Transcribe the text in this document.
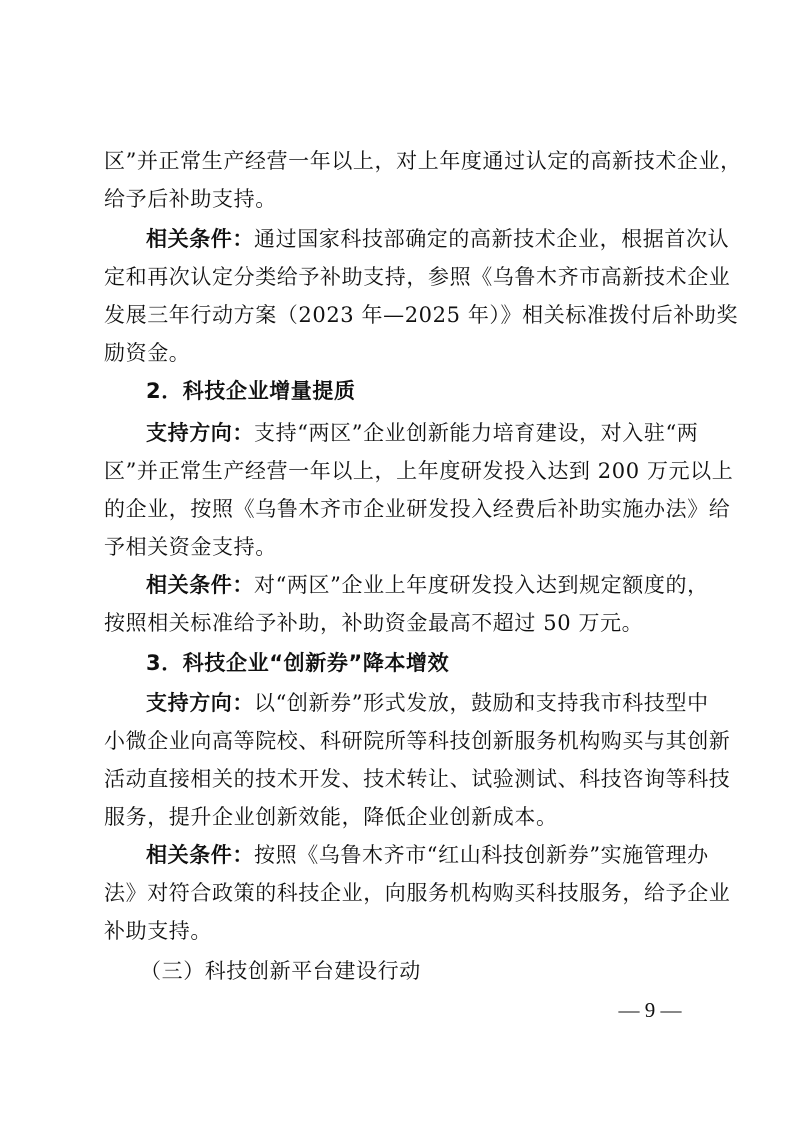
区”并正常生产经营一年以上，对上年度通过认定的高新技术企业，
给予后补助支持。
相关条件：通过国家科技部确定的高新技术企业，根据首次认
定和再次认定分类给予补助支持，参照《乌鲁木齐市高新技术企业
发展三年行动方案（2023 年—2025 年）》相关标准拨付后补助奖
励资金。
2．科技企业增量提质
支持方向：支持“两区”企业创新能力培育建设，对入驻“两
区”并正常生产经营一年以上，上年度研发投入达到 200 万元以上
的企业，按照《乌鲁木齐市企业研发投入经费后补助实施办法》给
予相关资金支持。
相关条件：对“两区”企业上年度研发投入达到规定额度的，
按照相关标准给予补助，补助资金最高不超过 50 万元。
3．科技企业“创新券”降本增效
支持方向：以“创新券”形式发放，鼓励和支持我市科技型中
小微企业向高等院校、科研院所等科技创新服务机构购买与其创新
活动直接相关的技术开发、技术转让、试验测试、科技咨询等科技
服务，提升企业创新效能，降低企业创新成本。
相关条件：按照《乌鲁木齐市“红山科技创新券”实施管理办
法》对符合政策的科技企业，向服务机构购买科技服务，给予企业
补助支持。
（三）科技创新平台建设行动
— 9 —
